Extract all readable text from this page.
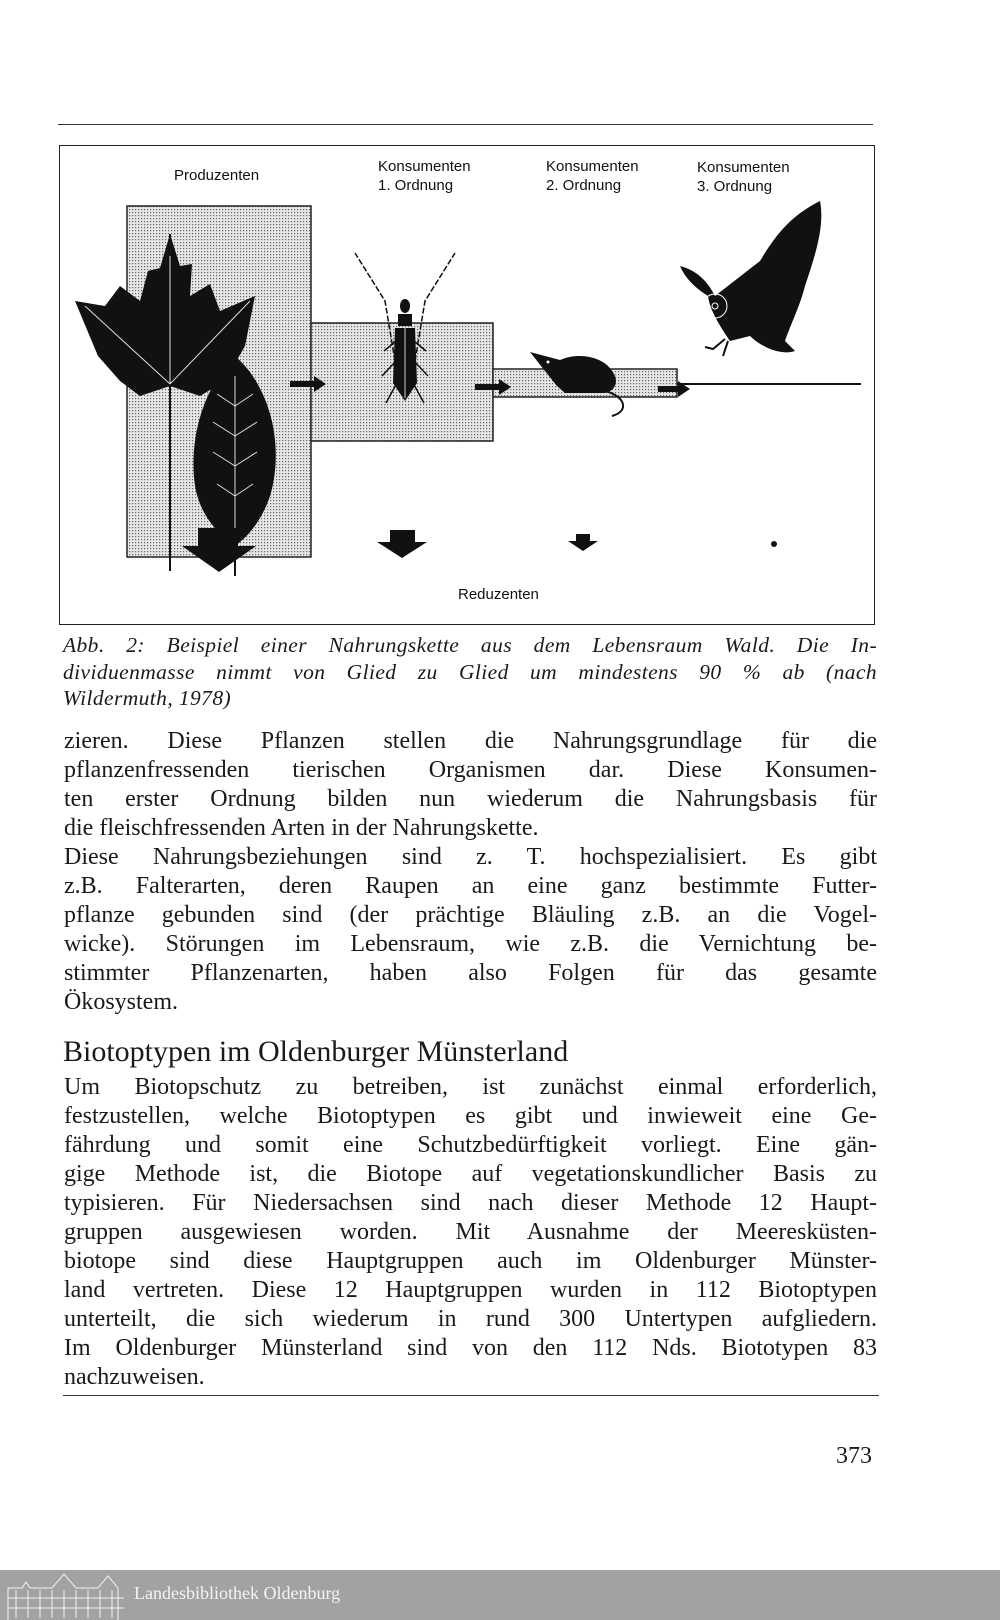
Produzenten
Konsumenten
1. Ordnung
Konsumenten
2. Ordnung
Konsumenten
3. Ordnung
Reduzenten
Abb. 2: Beispiel einer Nahrungskette aus dem Lebensraum Wald. Die In-
dividuenmasse nimmt von Glied zu Glied um mindestens 90 % ab (nach
Wildermuth, 1978)
zieren. Diese Pflanzen stellen die Nahrungsgrundlage für die
pflanzenfressenden tierischen Organismen dar. Diese Konsumen-
ten erster Ordnung bilden nun wiederum die Nahrungsbasis für
die fleischfressenden Arten in der Nahrungskette.
Diese Nahrungsbeziehungen sind z. T. hochspezialisiert. Es gibt
z.B. Falterarten, deren Raupen an eine ganz bestimmte Futter-
pflanze gebunden sind (der prächtige Bläuling z.B. an die Vogel-
wicke). Störungen im Lebensraum, wie z.B. die Vernichtung be-
stimmter Pflanzenarten, haben also Folgen für das gesamte
Ökosystem.
Biotoptypen im Oldenburger Münsterland
Um Biotopschutz zu betreiben, ist zunächst einmal erforderlich,
festzustellen, welche Biotoptypen es gibt und inwieweit eine Ge-
fährdung und somit eine Schutzbedürftigkeit vorliegt. Eine gän-
gige Methode ist, die Biotope auf vegetationskundlicher Basis zu
typisieren. Für Niedersachsen sind nach dieser Methode 12 Haupt-
gruppen ausgewiesen worden. Mit Ausnahme der Meeresküsten-
biotope sind diese Hauptgruppen auch im Oldenburger Münster-
land vertreten. Diese 12 Hauptgruppen wurden in 112 Biotoptypen
unterteilt, die sich wiederum in rund 300 Untertypen aufgliedern.
Im Oldenburger Münsterland sind von den 112 Nds. Biototypen 83
nachzuweisen.
373
Landesbibliothek Oldenburg
